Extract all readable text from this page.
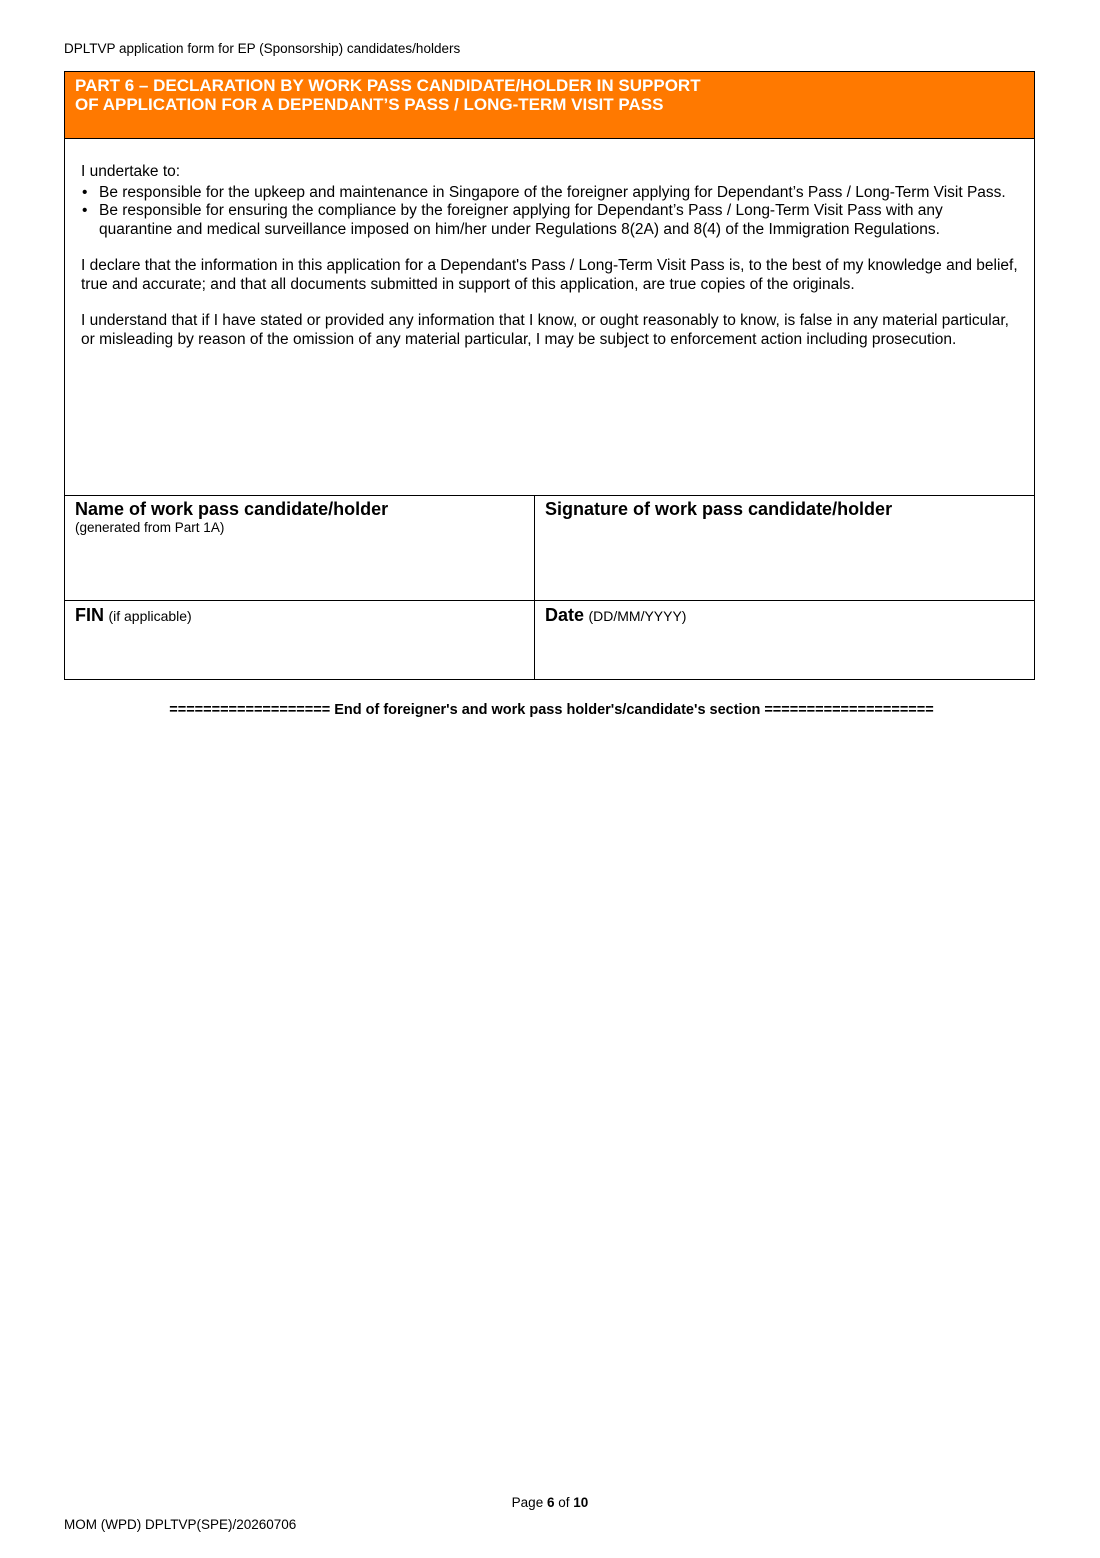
DPLTVP application form for EP (Sponsorship) candidates/holders
PART 6 – DECLARATION BY WORK PASS CANDIDATE/HOLDER IN SUPPORT
OF APPLICATION FOR A DEPENDANT’S PASS / LONG-TERM VISIT PASS

I undertake to:

• Be responsible for the upkeep and maintenance in Singapore of the foreigner applying for Dependant’s Pass / Long-Term Visit Pass.
• Be responsible for ensuring the compliance by the foreigner applying for Dependant’s Pass / Long-Term Visit Pass with any quarantine and medical surveillance imposed on him/her under Regulations 8(2A) and 8(4) of the Immigration Regulations.

I declare that the information in this application for a Dependant's Pass / Long-Term Visit Pass is, to the best of my knowledge and belief, true and accurate; and that all documents submitted in support of this application, are true copies of the originals.

I understand that if I have stated or provided any information that I know, or ought reasonably to know, is false in any material particular, or misleading by reason of the omission of any material particular, I may be subject to enforcement action including prosecution.

Name of work pass candidate/holder
(generated from Part 1A)
Signature of work pass candidate/holder
FIN (if applicable)	Date (DD/MM/YYYY)
=================== End of foreigner's and work pass holder's/candidate's section ====================
Page 6 of 10
MOM (WPD) DPLTVP(SPE)/20260706
